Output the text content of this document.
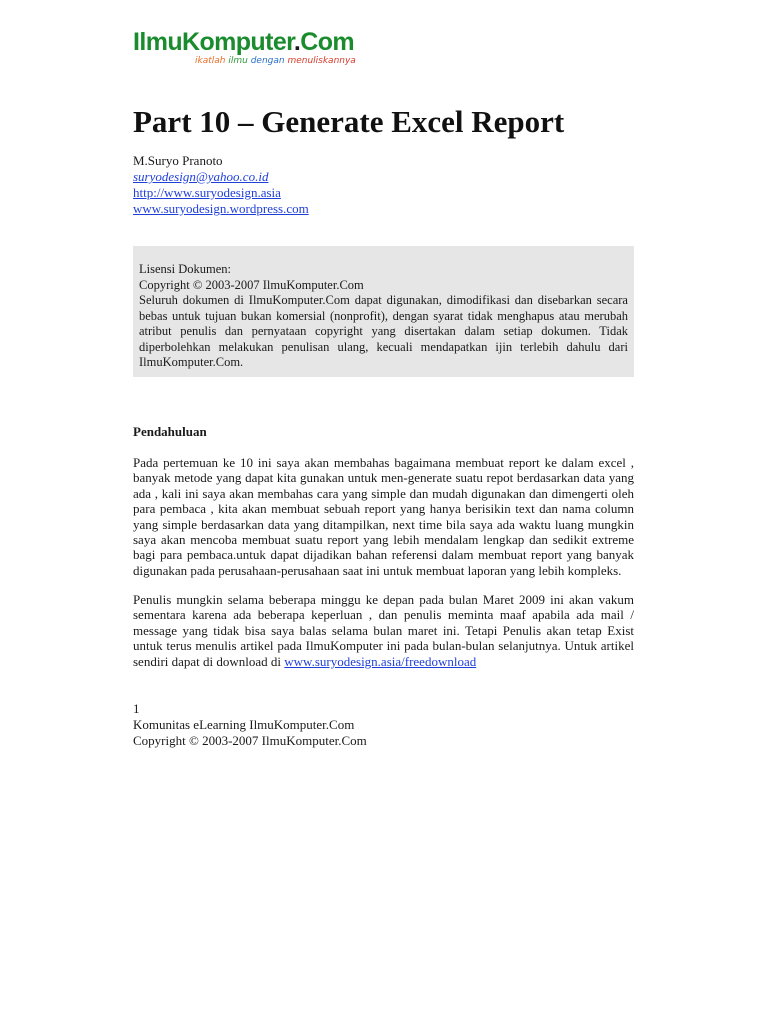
IlmuKomputer.Com
ikatlah ilmu dengan menuliskannya
Part 10 – Generate Excel Report
M.Suryo Pranoto
suryodesign@yahoo.co.id
http://www.suryodesign.asia
www.suryodesign.wordpress.com
Lisensi Dokumen:
Copyright © 2003-2007 IlmuKomputer.Com
Seluruh dokumen di IlmuKomputer.Com dapat digunakan, dimodifikasi dan disebarkan secara bebas untuk tujuan bukan komersial (nonprofit), dengan syarat tidak menghapus atau merubah atribut penulis dan pernyataan copyright yang disertakan dalam setiap dokumen. Tidak diperbolehkan melakukan penulisan ulang, kecuali mendapatkan ijin terlebih dahulu dari IlmuKomputer.Com.
Pendahuluan
Pada pertemuan ke 10 ini saya akan membahas bagaimana membuat report ke dalam excel , banyak metode yang dapat kita gunakan untuk men-generate suatu repot berdasarkan data yang ada , kali ini saya akan membahas cara yang simple dan mudah digunakan dan dimengerti oleh para pembaca , kita akan membuat sebuah report yang hanya berisikin text dan nama column yang simple berdasarkan data yang ditampilkan, next time bila saya ada waktu luang mungkin saya akan mencoba membuat suatu report yang lebih mendalam lengkap dan sedikit extreme bagi para pembaca.untuk dapat dijadikan bahan referensi dalam membuat report yang banyak digunakan pada perusahaan-perusahaan saat ini untuk membuat laporan yang lebih kompleks.
Penulis mungkin selama beberapa minggu ke depan pada bulan Maret 2009 ini akan vakum sementara karena ada beberapa keperluan , dan penulis meminta maaf apabila ada mail / message yang tidak bisa saya balas selama bulan maret ini. Tetapi Penulis akan tetap Exist untuk terus menulis artikel pada IlmuKomputer ini pada bulan-bulan selanjutnya. Untuk artikel sendiri dapat di download di www.suryodesign.asia/freedownload
1
Komunitas eLearning IlmuKomputer.Com
Copyright © 2003-2007 IlmuKomputer.Com
